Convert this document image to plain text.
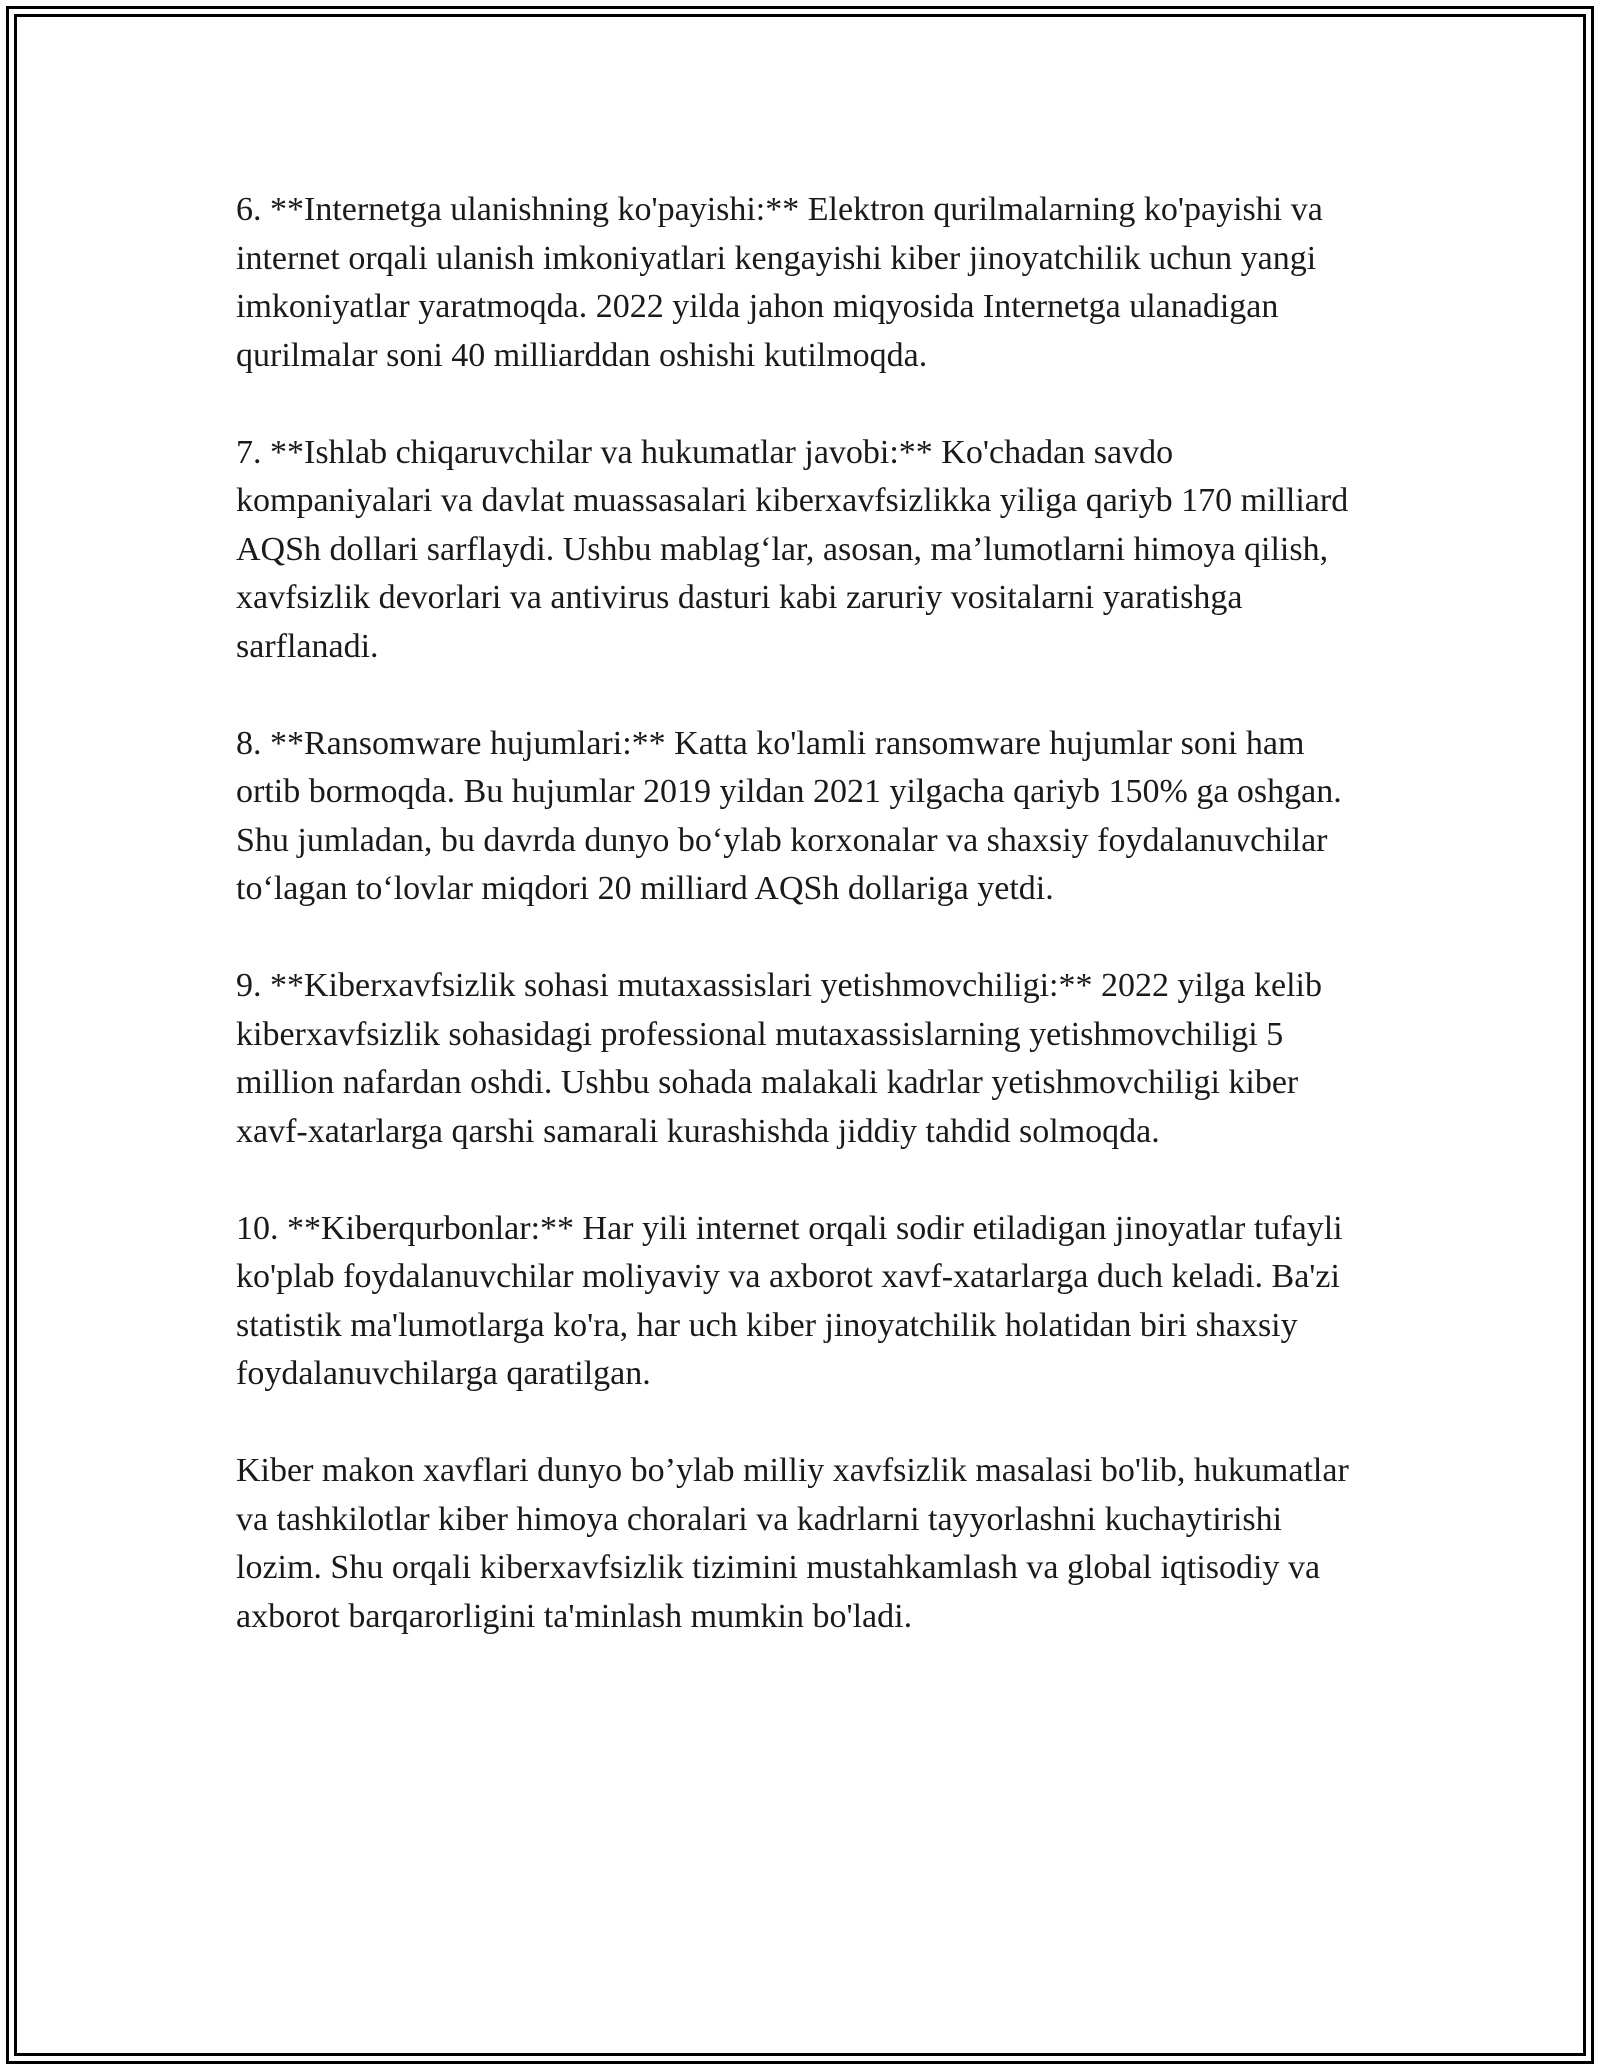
6. **Internetga ulanishning ko'payishi:** Elektron qurilmalarning ko'payishi va internet orqali ulanish imkoniyatlari kengayishi kiber jinoyatchilik uchun yangi imkoniyatlar yaratmoqda. 2022 yilda jahon miqyosida Internetga ulanadigan qurilmalar soni 40 milliarddan oshishi kutilmoqda.

7. **Ishlab chiqaruvchilar va hukumatlar javobi:** Ko'chadan savdo kompaniyalari va davlat muassasalari kiberxavfsizlikka yiliga qariyb 170 milliard AQSh dollari sarflaydi. Ushbu mablag‘lar, asosan, ma’lumotlarni himoya qilish, xavfsizlik devorlari va antivirus dasturi kabi zaruriy vositalarni yaratishga sarflanadi.

8. **Ransomware hujumlari:** Katta ko'lamli ransomware hujumlar soni ham ortib bormoqda. Bu hujumlar 2019 yildan 2021 yilgacha qariyb 150% ga oshgan. Shu jumladan, bu davrda dunyo bo‘ylab korxonalar va shaxsiy foydalanuvchilar to‘lagan to‘lovlar miqdori 20 milliard AQSh dollariga yetdi.

9. **Kiberxavfsizlik sohasi mutaxassislari yetishmovchiligi:** 2022 yilga kelib kiberxavfsizlik sohasidagi professional mutaxassislarning yetishmovchiligi 5 million nafardan oshdi. Ushbu sohada malakali kadrlar yetishmovchiligi kiber xavf-xatarlarga qarshi samarali kurashishda jiddiy tahdid solmoqda.

10. **Kiberqurbonlar:** Har yili internet orqali sodir etiladigan jinoyatlar tufayli ko'plab foydalanuvchilar moliyaviy va axborot xavf-xatarlarga duch keladi. Ba'zi statistik ma'lumotlarga ko'ra, har uch kiber jinoyatchilik holatidan biri shaxsiy foydalanuvchilarga qaratilgan.

Kiber makon xavflari dunyo bo’ylab milliy xavfsizlik masalasi bo'lib, hukumatlar va tashkilotlar kiber himoya choralari va kadrlarni tayyorlashni kuchaytirishi lozim. Shu orqali kiberxavfsizlik tizimini mustahkamlash va global iqtisodiy va axborot barqarorligini ta'minlash mumkin bo'ladi.
